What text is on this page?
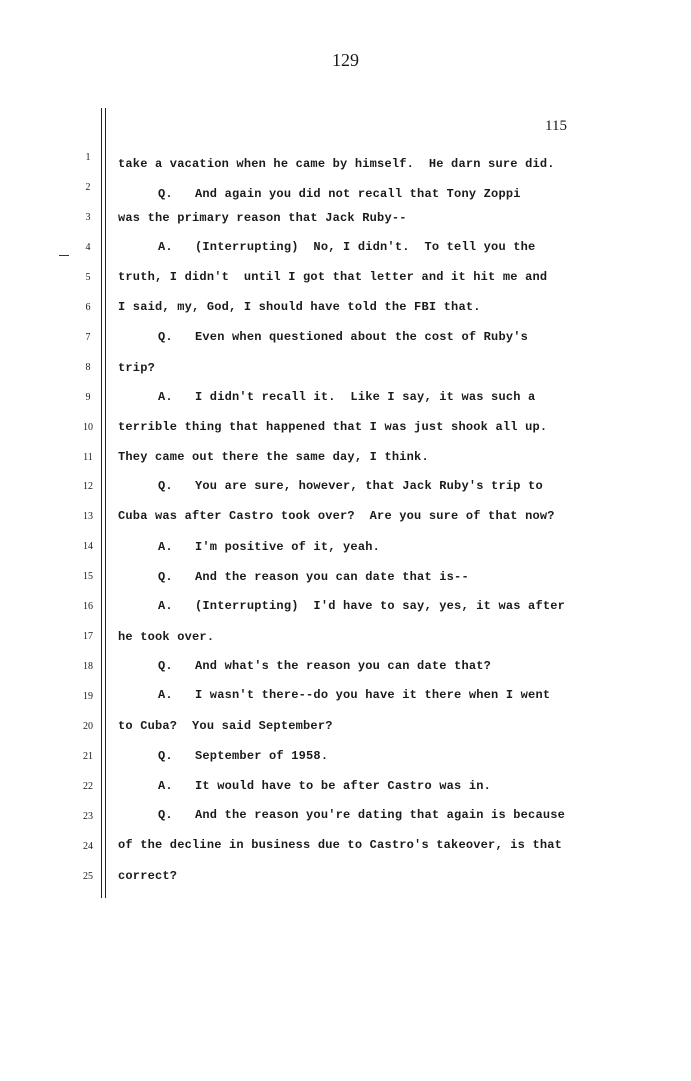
129
115
1	take a vacation when he came by himself.  He darn sure did.
2	Q.   And again you did not recall that Tony Zoppi
3	was the primary reason that Jack Ruby--
4	A.   (Interrupting)  No, I didn't.  To tell you the
5	truth, I didn't  until I got that letter and it hit me and
6	I said, my, God, I should have told the FBI that.
7	Q.   Even when questioned about the cost of Ruby's
8	trip?
9	A.   I didn't recall it.  Like I say, it was such a
10 terrible thing that happened that I was just shook all up.
11 They came out there the same day, I think.
12	Q.   You are sure, however, that Jack Ruby's trip to
13 Cuba was after Castro took over?  Are you sure of that now?
14	A.   I'm positive of it, yeah.
15	Q.   And the reason you can date that is--
16	A.   (Interrupting)  I'd have to say, yes, it was after
17 he took over.
18	Q.   And what's the reason you can date that?
19	A.   I wasn't there--do you have it there when I went
20 to Cuba?  You said September?
21	Q.   September of 1958.
22	A.   It would have to be after Castro was in.
23	Q.   And the reason you're dating that again is because
24 of the decline in business due to Castro's takeover, is that
25 correct?
